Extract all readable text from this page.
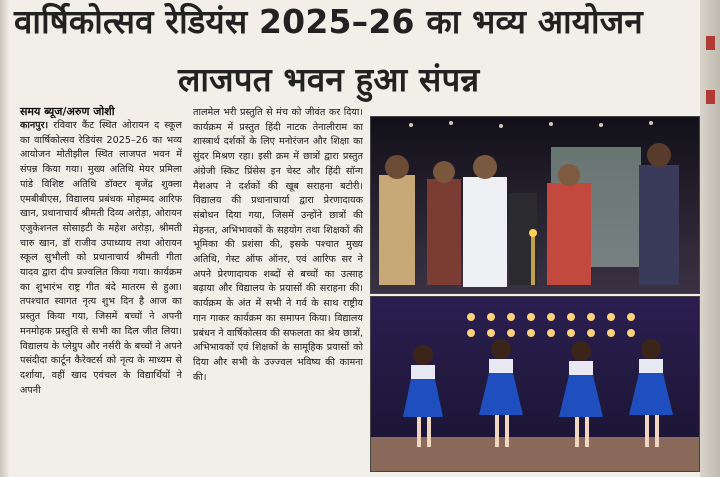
वार्षिकोत्सव रेडियंस 2025–26 का भव्य आयोजन
लाजपत भवन हुआ संपन्न
समय ब्यूज/अरुण जोशी
कानपुर। रविवार कैंट स्थित ओरायन द स्कूल का वार्षिकोत्सव रेडियंस 2025–26 का भव्य आयोजन मोतीझील स्थित लाजपत भवन में संपन्न किया गया। मुख्य अतिथि मेयर प्रमिला पांडे विशिष्ट अतिथि डॉक्टर बृजेंद्र शुक्ला एमबीबीएस, विद्यालय प्रबंधक मोहम्मद आरिफ खान, प्रधानाचार्य श्रीमती दिव्य अरोड़ा, ओरायन एजुकेशनल सोसाइटी के महेश अरोड़ा, श्रीमती चारु खान, डॉ राजीव उपाध्याय तथा ओरायन स्कूल सुभौली को प्रधानाचार्य श्रीमती गीता यादव द्वारा दीप प्रज्वलित किया गया। कार्यक्रम का शुभारंभ राष्ट्र गीत बंदे मातरम से हुआ। तपश्चात स्वागत नृत्य शुभ दिन है आज का प्रस्तुत किया गया, जिसमें बच्चों ने अपनी मनमोहक प्रस्तुति से सभी का दिल जीत लिया। विद्यालय के प्लेग्रुप और नर्सरी के बच्चों ने अपने पसंदीदा कार्टून कैरेक्टर्स को नृत्य के माध्यम से दर्शाया, वहीं खाद एवंचल के विद्यार्थियों ने अपनी
तालमेल भरी प्रस्तुति से मंच को जीवंत कर दिया। कार्यक्रम में प्रस्तुत हिंदी नाटक तेनालीराम का शास्त्रार्थ दर्शकों के लिए मनोरंजन और शिक्षा का सुंदर मिश्रण रहा। इसी क्रम में छात्रों द्वारा प्रस्तुत अंग्रेजी स्किट प्रिंसेस इन चेस्ट और हिंदी सॉन्ग मैशअप ने दर्शकों की खूब सराहना बटोरी। विद्यालय की प्रधानाचार्या द्वारा प्रेरणादायक संबोधन दिया गया, जिसमें उन्होंने छात्रों की मेहनत, अभिभावकों के सहयोग तथा शिक्षकों की भूमिका की प्रशंसा की, इसके पश्चात मुख्य अतिथि, गेस्ट ऑफ ऑनर, एवं आरिफ सर ने अपने प्रेरणादायक शब्दों से बच्चों का उत्साह बढ़ाया और विद्यालय के प्रयासों की सराहना की। कार्यक्रम के अंत में सभी ने गर्व के साथ राष्ट्रीय गान गाकर कार्यक्रम का समापन किया। विद्यालय प्रबंधन ने वार्षिकोत्सव की सफलता का श्रेय छात्रों, अभिभावकों एवं शिक्षकों के सामूहिक प्रयासों को दिया और सभी के उज्ज्वल भविष्य की कामना की।
